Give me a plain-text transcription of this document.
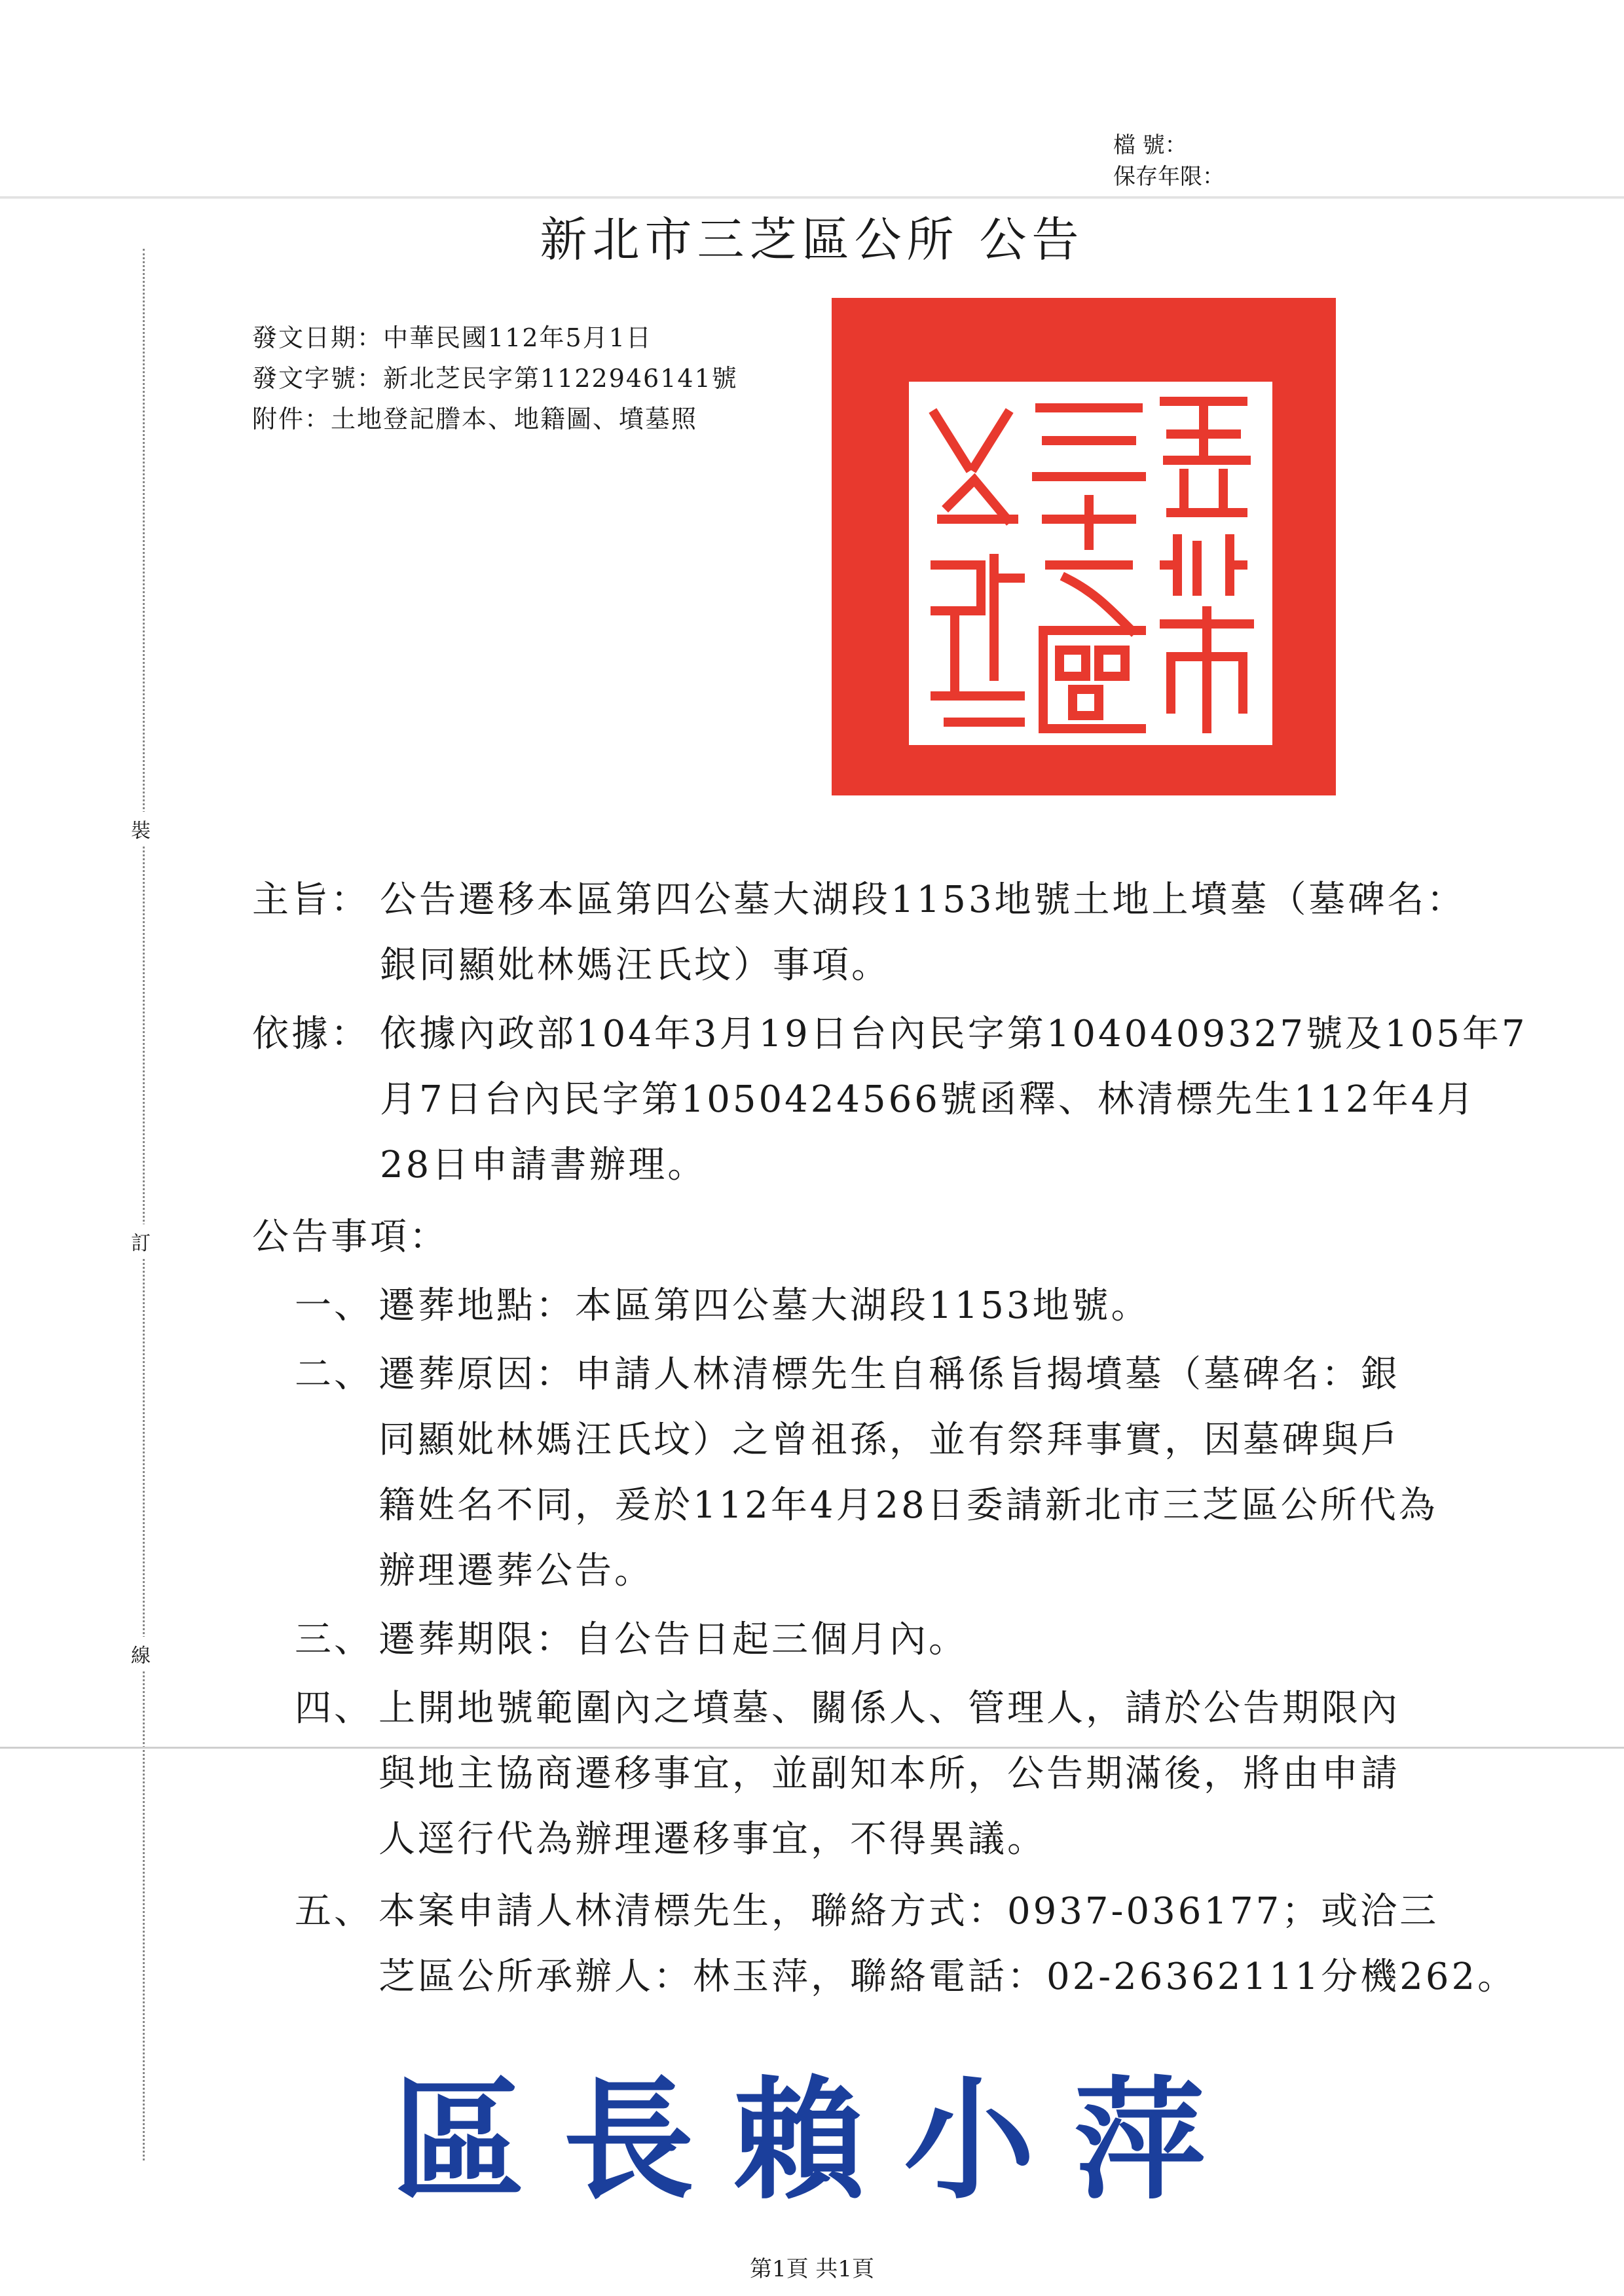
檔 號：
保存年限：
新北市三芝區公所 公告
裝
訂
線
發文日期：中華民國112年5月1日
發文字號：新北芝民字第1122946141號
附件：土地登記謄本、地籍圖、墳墓照
主旨： 公告遷移本區第四公墓大湖段1153地號土地上墳墓（墓碑名：
銀同顯妣林媽汪氏坟）事項。
依據： 依據內政部104年3月19日台內民字第1040409327號及105年7
月7日台內民字第1050424566號函釋、林清標先生112年4月
28日申請書辦理。
公告事項：
一、 遷葬地點：本區第四公墓大湖段1153地號。
二、 遷葬原因：申請人林清標先生自稱係旨揭墳墓（墓碑名：銀
同顯妣林媽汪氏坟）之曾祖孫，並有祭拜事實，因墓碑與戶
籍姓名不同，爰於112年4月28日委請新北市三芝區公所代為
辦理遷葬公告。
三、 遷葬期限：自公告日起三個月內。
四、 上開地號範圍內之墳墓、關係人、管理人，請於公告期限內
與地主協商遷移事宜，並副知本所，公告期滿後，將由申請
人逕行代為辦理遷移事宜，不得異議。
五、 本案申請人林清標先生，聯絡方式：0937-036177；或洽三
芝區公所承辦人：林玉萍，聯絡電話：02-26362111分機262。
區長賴小萍
第1頁 共1頁
